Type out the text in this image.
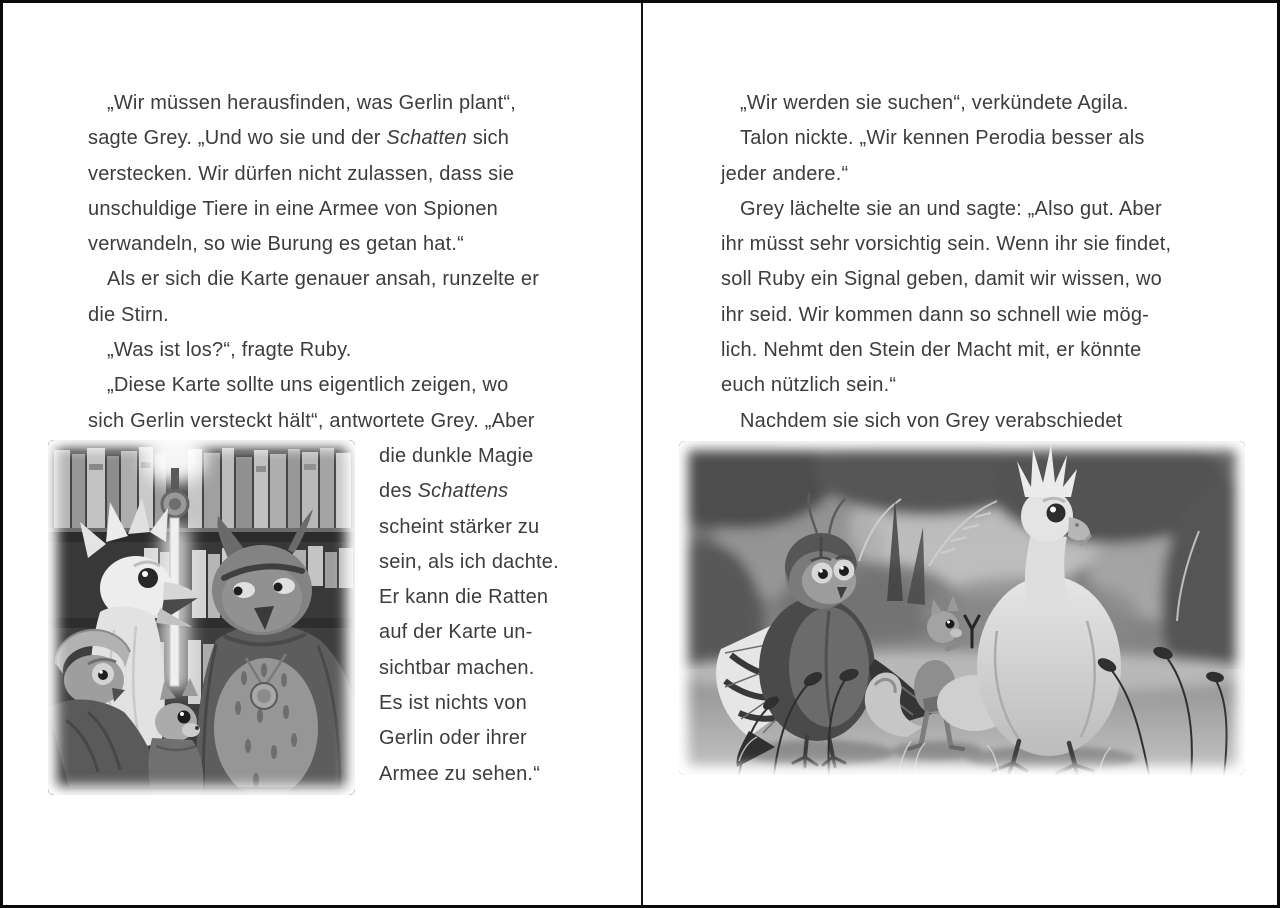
„Wir müssen herausfinden, was Gerlin plant“,
sagte Grey. „Und wo sie und der Schatten sich
verstecken. Wir dürfen nicht zulassen, dass sie
unschuldige Tiere in eine Armee von Spionen
verwandeln, so wie Burung es getan hat.“
Als er sich die Karte genauer ansah, runzelte er
die Stirn.
„Was ist los?“, fragte Ruby.
„Diese Karte sollte uns eigentlich zeigen, wo
sich Gerlin versteckt hält“, antwortete Grey. „Aber
die dunkle Magie
des Schattens
scheint stärker zu
sein, als ich dachte.
Er kann die Ratten
auf der Karte un-
sichtbar machen.
Es ist nichts von
Gerlin oder ihrer
Armee zu sehen.“
„Wir werden sie suchen“, verkündete Agila.
Talon nickte. „Wir kennen Perodia besser als
jeder andere.“
Grey lächelte sie an und sagte: „Also gut. Aber
ihr müsst sehr vorsichtig sein. Wenn ihr sie findet,
soll Ruby ein Signal geben, damit wir wissen, wo
ihr seid. Wir kommen dann so schnell wie mög-
lich. Nehmt den Stein der Macht mit, er könnte
euch nützlich sein.“
Nachdem sie sich von Grey verabschiedet
